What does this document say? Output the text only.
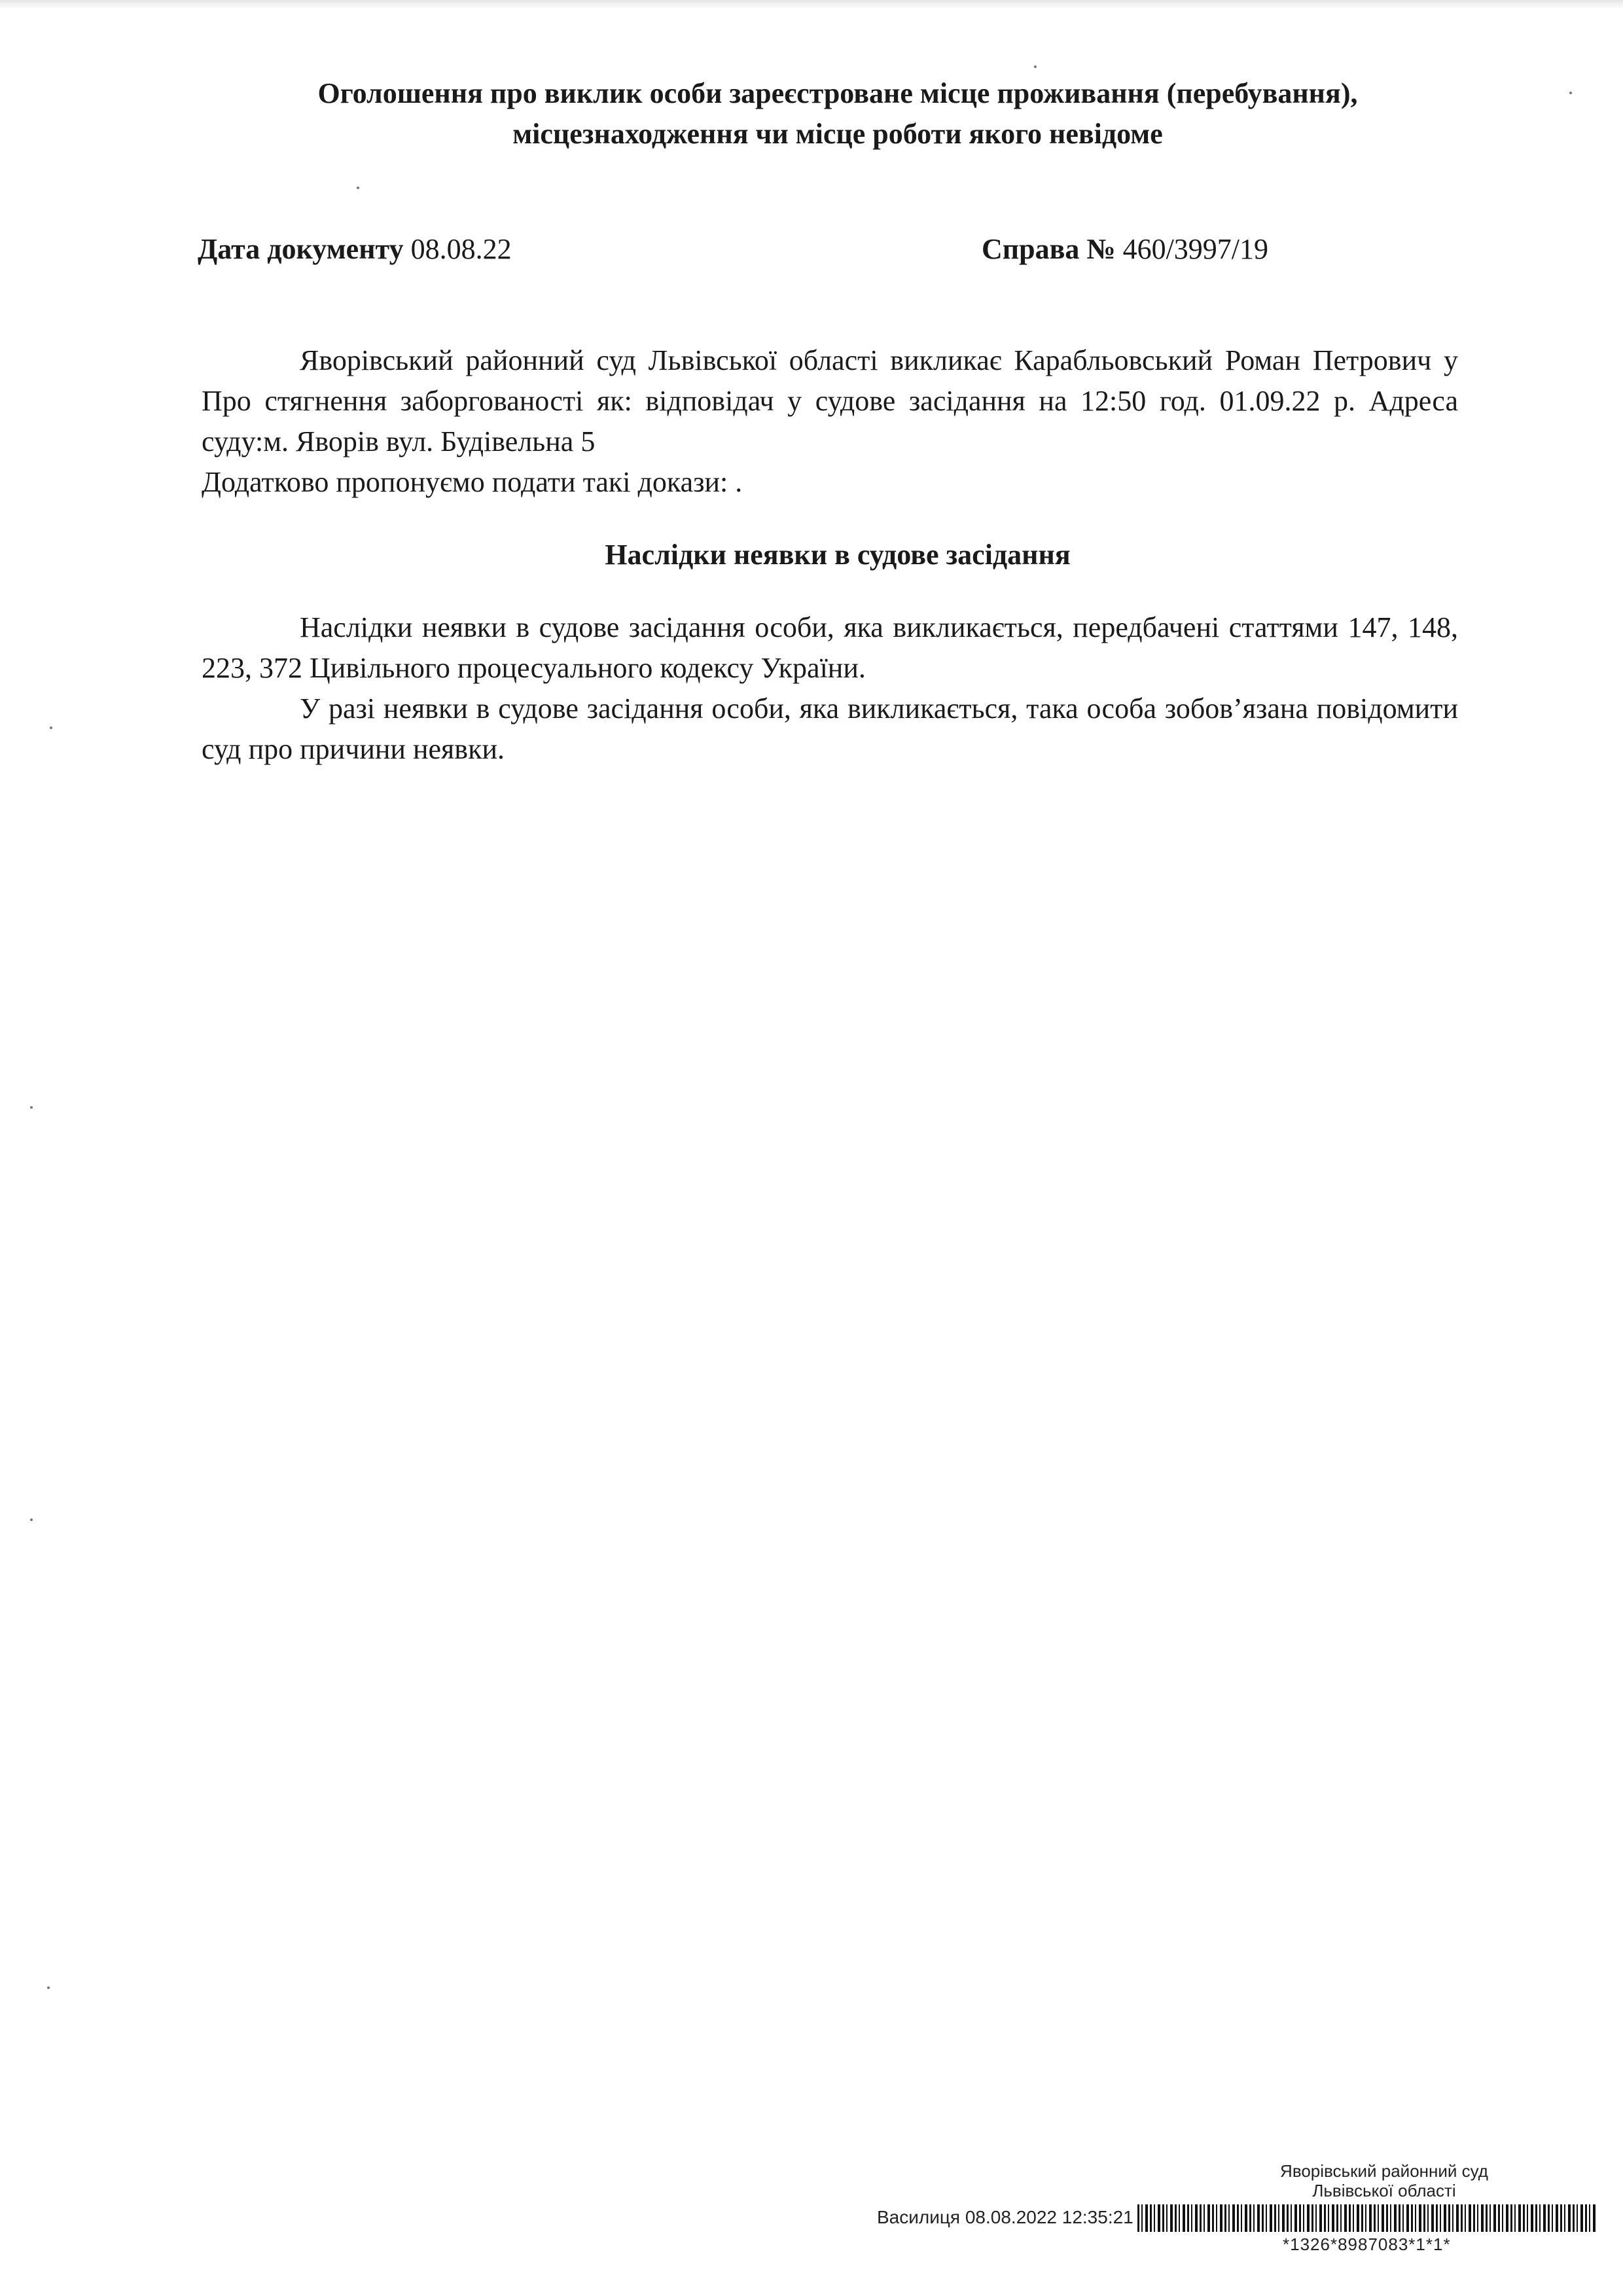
Оголошення про виклик особи зареєстроване місце проживання (перебування),
місцезнаходження чи місце роботи якого невідоме
Дата документу 08.08.22	Справа № 460/3997/19

Яворівський районний суд Львівської області викликає Карабльовський Роман Петрович у Про стягнення заборгованості як: відповідач у судове засідання на 12:50 год. 01.09.22 р. Адреса суду:м. Яворів вул. Будівельна 5

Додатково пропонуємо подати такі докази: .

Наслідки неявки в судове засідання

Наслідки неявки в судове засідання особи, яка викликається, передбачені статтями 147, 148, 223, 372 Цивільного процесуального кодексу України.

У разі неявки в судове засідання особи, яка викликається, така особа зобов’язана повідомити суд про причини неявки.

Яворівський районний суд
Львівської області
Василиця 08.08.2022 12:35:21
*1326*8987083*1*1*
